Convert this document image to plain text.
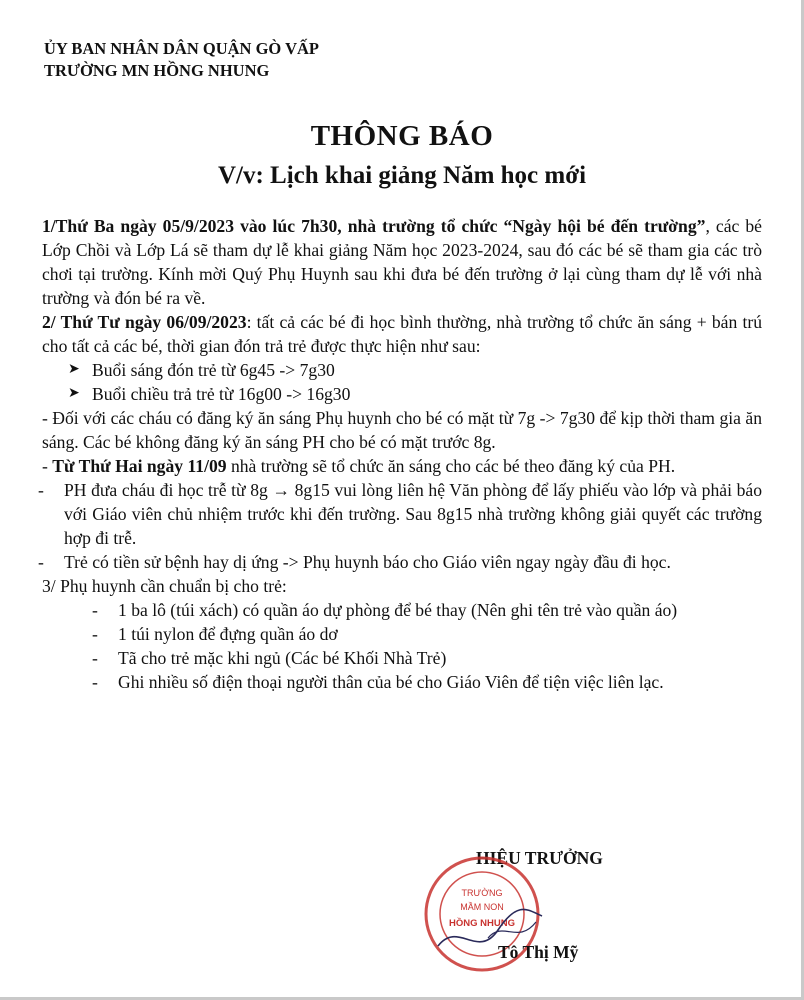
ỦY BAN NHÂN DÂN QUẬN GÒ VẤP
TRƯỜNG MN HỒNG NHUNG
THÔNG BÁO
V/v: Lịch khai giảng Năm học mới

1/Thứ Ba ngày 05/9/2023 vào lúc 7h30, nhà trường tổ chức “Ngày hội bé đến trường”, các bé Lớp Chồi và Lớp Lá sẽ tham dự lễ khai giảng Năm học 2023-2024, sau đó các bé sẽ tham gia các trò chơi tại trường. Kính mời Quý Phụ Huynh sau khi đưa bé đến trường ở lại cùng tham dự lễ với nhà trường và đón bé ra về.

2/ Thứ Tư ngày 06/09/2023: tất cả các bé đi học bình thường, nhà trường tổ chức ăn sáng + bán trú cho tất cả các bé, thời gian đón trả trẻ được thực hiện như sau:

➤ Buổi sáng đón trẻ từ 6g45 -> 7g30
➤ Buổi chiều trả trẻ từ 16g00 -> 16g30

- Đối với các cháu có đăng ký ăn sáng Phụ huynh cho bé có mặt từ 7g -> 7g30 để kịp thời tham gia ăn sáng. Các bé không đăng ký ăn sáng PH cho bé có mặt trước 8g.

- Từ Thứ Hai ngày 11/09 nhà trường sẽ tổ chức ăn sáng cho các bé theo đăng ký của PH.

- PH đưa cháu đi học trễ từ 8g → 8g15 vui lòng liên hệ Văn phòng để lấy phiếu vào lớp và phải báo với Giáo viên chủ nhiệm trước khi đến trường. Sau 8g15 nhà trường không giải quyết các trường hợp đi trễ.
- Trẻ có tiền sử bệnh hay dị ứng -> Phụ huynh báo cho Giáo viên ngay ngày đầu đi học.

3/ Phụ huynh cần chuẩn bị cho trẻ:

- 1 ba lô (túi xách) có quần áo dự phòng để bé thay (Nên ghi tên trẻ vào quần áo)
- 1 túi nylon để đựng quần áo dơ
- Tã cho trẻ mặc khi ngủ (Các bé Khối Nhà Trẻ)
- Ghi nhiều số điện thoại người thân của bé cho Giáo Viên để tiện việc liên lạc.
HIỆU TRƯỞNG
TRƯỜNG
MẦM NON
HỒNG NHUNG
Tô Thị Mỹ
